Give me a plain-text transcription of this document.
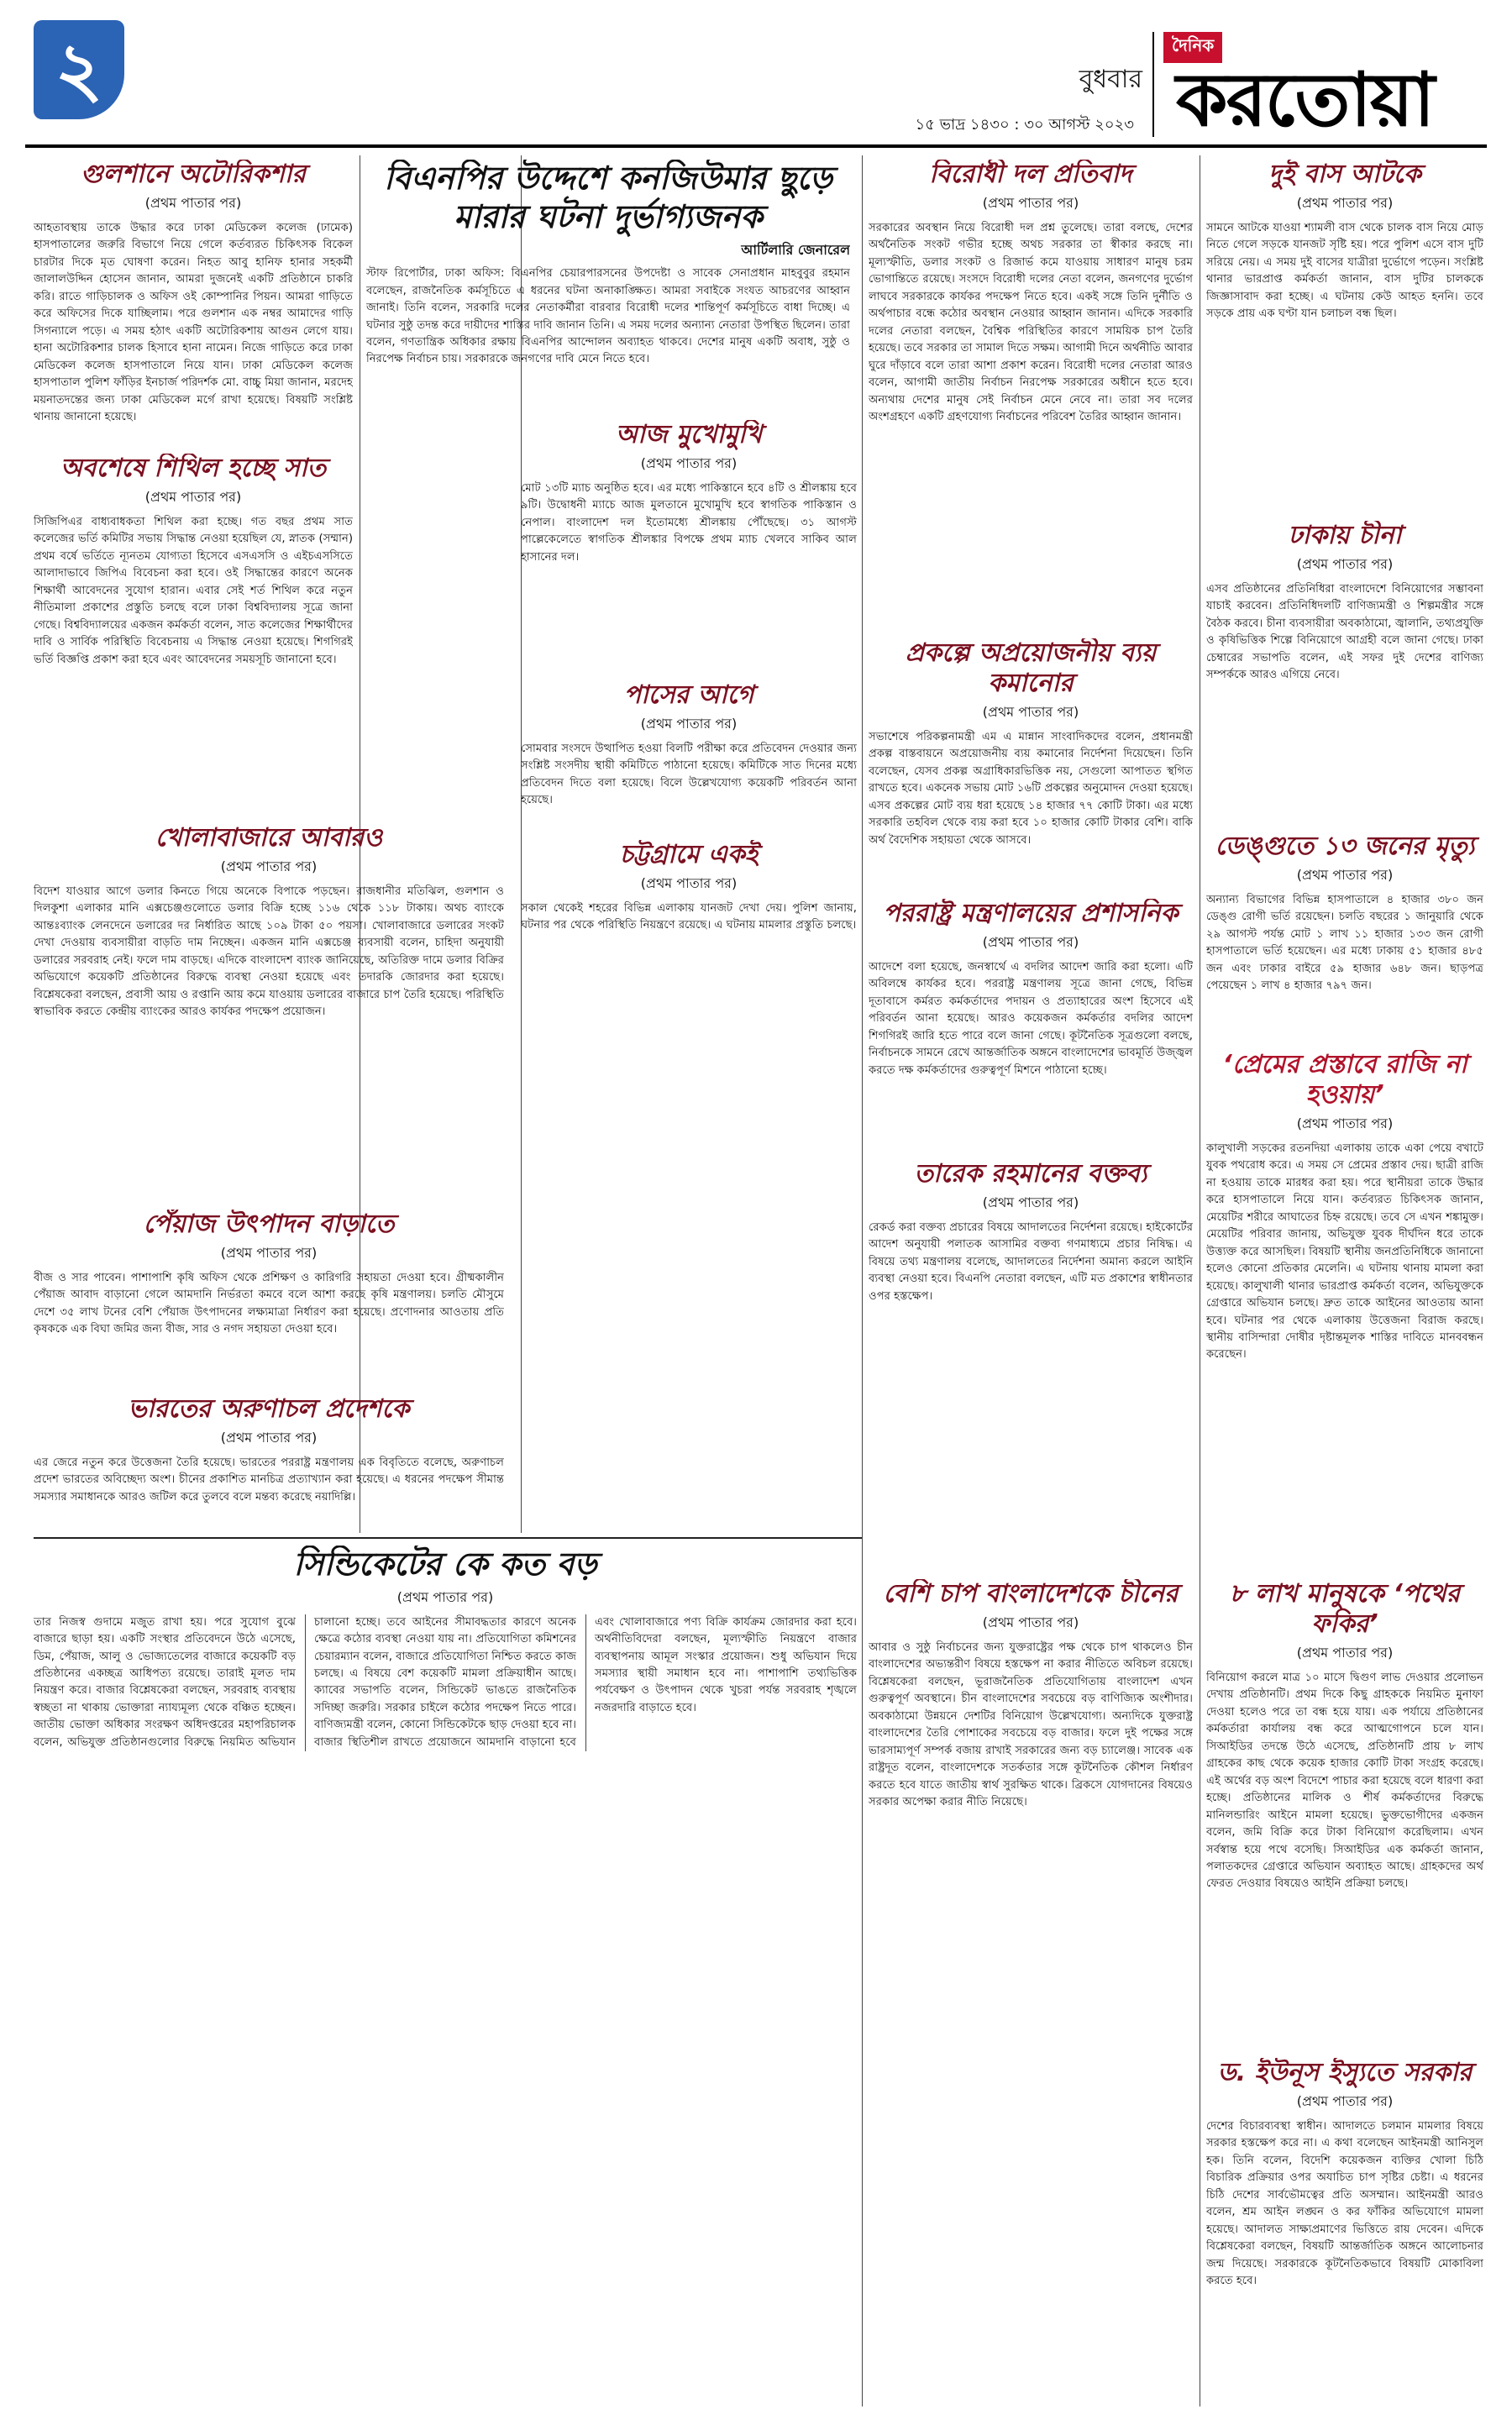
২	বুধবার
১৫ ভাদ্র ১৪৩০ : ৩০ আগস্ট ২০২৩
দৈনিক
করতোয়া
গুলশানে অটোরিকশার
(প্রথম পাতার পর)
আহতাবস্থায় তাকে উদ্ধার করে ঢাকা মেডিকেল কলেজ (ঢামেক) হাসপাতালের জরুরি বিভাগে নিয়ে গেলে কর্তব্যরত চিকিৎসক বিকেল চারটার দিকে মৃত ঘোষণা করেন। নিহত আবু হানিফ হানার সহকর্মী জালালউদ্দিন হোসেন জানান, আমরা দুজনেই একটি প্রতিষ্ঠানে চাকরি করি। রাতে গাড়িচালক ও অফিস ওই কোম্পানির পিয়ন। আমরা গাড়িতে করে অফিসের দিকে যাচ্ছিলাম। পরে গুলশান এক নম্বর আমাদের গাড়ি সিগন্যালে পড়ে। এ সময় হঠাৎ একটি অটোরিকশায় আগুন লেগে যায়। হানা অটোরিকশার চালক হিসাবে হানা নামেন। নিজে গাড়িতে করে ঢাকা মেডিকেল কলেজ হাসপাতালে নিয়ে যান। ঢাকা মেডিকেল কলেজ হাসপাতাল পুলিশ ফাঁড়ির ইনচার্জ পরিদর্শক মো. বাচ্চু মিয়া জানান, মরদেহ ময়নাতদন্তের জন্য ঢাকা মেডিকেল মর্গে রাখা হয়েছে। বিষয়টি সংশ্লিষ্ট থানায় জানানো হয়েছে।
অবশেষে শিথিল হচ্ছে সাত
(প্রথম পাতার পর)
সিজিপিএর বাধ্যবাধকতা শিথিল করা হচ্ছে। গত বছর প্রথম সাত কলেজের ভর্তি কমিটির সভায় সিদ্ধান্ত নেওয়া হয়েছিল যে, স্নাতক (সম্মান) প্রথম বর্ষে ভর্তিতে ন্যূনতম যোগ্যতা হিসেবে এসএসসি ও এইচএসসিতে আলাদাভাবে জিপিএ বিবেচনা করা হবে। ওই সিদ্ধান্তের কারণে অনেক শিক্ষার্থী আবেদনের সুযোগ হারান। এবার সেই শর্ত শিথিল করে নতুন নীতিমালা প্রকাশের প্রস্তুতি চলছে বলে ঢাকা বিশ্ববিদ্যালয় সূত্রে জানা গেছে। বিশ্ববিদ্যালয়ের একজন কর্মকর্তা বলেন, সাত কলেজের শিক্ষার্থীদের দাবি ও সার্বিক পরিস্থিতি বিবেচনায় এ সিদ্ধান্ত নেওয়া হয়েছে। শিগগিরই ভর্তি বিজ্ঞপ্তি প্রকাশ করা হবে এবং আবেদনের সময়সূচি জানানো হবে।
খোলাবাজারে আবারও
(প্রথম পাতার পর)
বিদেশ যাওয়ার আগে ডলার কিনতে গিয়ে অনেকে বিপাকে পড়ছেন। রাজধানীর মতিঝিল, গুলশান ও দিলকুশা এলাকার মানি এক্সচেঞ্জগুলোতে ডলার বিক্রি হচ্ছে ১১৬ থেকে ১১৮ টাকায়। অথচ ব্যাংকে আন্তঃব্যাংক লেনদেনে ডলারের দর নির্ধারিত আছে ১০৯ টাকা ৫০ পয়সা। খোলাবাজারে ডলারের সংকট দেখা দেওয়ায় ব্যবসায়ীরা বাড়তি দাম নিচ্ছেন। একজন মানি এক্সচেঞ্জ ব্যবসায়ী বলেন, চাহিদা অনুযায়ী ডলারের সরবরাহ নেই। ফলে দাম বাড়ছে। এদিকে বাংলাদেশ ব্যাংক জানিয়েছে, অতিরিক্ত দামে ডলার বিক্রির অভিযোগে কয়েকটি প্রতিষ্ঠানের বিরুদ্ধে ব্যবস্থা নেওয়া হয়েছে এবং তদারকি জোরদার করা হয়েছে। বিশ্লেষকেরা বলছেন, প্রবাসী আয় ও রপ্তানি আয় কমে যাওয়ায় ডলারের বাজারে চাপ তৈরি হয়েছে। পরিস্থিতি স্বাভাবিক করতে কেন্দ্রীয় ব্যাংকের আরও কার্যকর পদক্ষেপ প্রয়োজন।
পেঁয়াজ উৎপাদন বাড়াতে
(প্রথম পাতার পর)
বীজ ও সার পাবেন। পাশাপাশি কৃষি অফিস থেকে প্রশিক্ষণ ও কারিগরি সহায়তা দেওয়া হবে। গ্রীষ্মকালীন পেঁয়াজ আবাদ বাড়ানো গেলে আমদানি নির্ভরতা কমবে বলে আশা করছে কৃষি মন্ত্রণালয়। চলতি মৌসুমে দেশে ৩৫ লাখ টনের বেশি পেঁয়াজ উৎপাদনের লক্ষ্যমাত্রা নির্ধারণ করা হয়েছে। প্রণোদনার আওতায় প্রতি কৃষককে এক বিঘা জমির জন্য বীজ, সার ও নগদ সহায়তা দেওয়া হবে।
ভারতের অরুণাচল প্রদেশকে
(প্রথম পাতার পর)
এর জেরে নতুন করে উত্তেজনা তৈরি হয়েছে। ভারতের পররাষ্ট্র মন্ত্রণালয় এক বিবৃতিতে বলেছে, অরুণাচল প্রদেশ ভারতের অবিচ্ছেদ্য অংশ। চীনের প্রকাশিত মানচিত্র প্রত্যাখ্যান করা হয়েছে। এ ধরনের পদক্ষেপ সীমান্ত সমস্যার সমাধানকে আরও জটিল করে তুলবে বলে মন্তব্য করেছে নয়াদিল্লি।
বিএনপির উদ্দেশে কনজিউমার ছুড়ে মারার ঘটনা দুর্ভাগ্যজনক
আর্টিলারি জেনারেল
স্টাফ রিপোর্টার, ঢাকা অফিস: বিএনপির চেয়ারপারসনের উপদেষ্টা ও সাবেক সেনাপ্রধান মাহবুবুর রহমান বলেছেন, রাজনৈতিক কর্মসূচিতে এ ধরনের ঘটনা অনাকাঙ্ক্ষিত। আমরা সবাইকে সংযত আচরণের আহ্বান জানাই। তিনি বলেন, সরকারি দলের নেতাকর্মীরা বারবার বিরোধী দলের শান্তিপূর্ণ কর্মসূচিতে বাধা দিচ্ছে। এ ঘটনার সুষ্ঠু তদন্ত করে দায়ীদের শাস্তির দাবি জানান তিনি। এ সময় দলের অন্যান্য নেতারা উপস্থিত ছিলেন। তারা বলেন, গণতান্ত্রিক অধিকার রক্ষায় বিএনপির আন্দোলন অব্যাহত থাকবে। দেশের মানুষ একটি অবাধ, সুষ্ঠু ও নিরপেক্ষ নির্বাচন চায়। সরকারকে জনগণের দাবি মেনে নিতে হবে।
আজ মুখোমুখি
(প্রথম পাতার পর)
মোট ১৩টি ম্যাচ অনুষ্ঠিত হবে। এর মধ্যে পাকিস্তানে হবে ৪টি ও শ্রীলঙ্কায় হবে ৯টি। উদ্বোধনী ম্যাচে আজ মুলতানে মুখোমুখি হবে স্বাগতিক পাকিস্তান ও নেপাল। বাংলাদেশ দল ইতোমধ্যে শ্রীলঙ্কায় পৌঁছেছে। ৩১ আগস্ট পাল্লেকেলেতে স্বাগতিক শ্রীলঙ্কার বিপক্ষে প্রথম ম্যাচ খেলবে সাকিব আল হাসানের দল।
পাসের আগে
(প্রথম পাতার পর)
সোমবার সংসদে উত্থাপিত হওয়া বিলটি পরীক্ষা করে প্রতিবেদন দেওয়ার জন্য সংশ্লিষ্ট সংসদীয় স্থায়ী কমিটিতে পাঠানো হয়েছে। কমিটিকে সাত দিনের মধ্যে প্রতিবেদন দিতে বলা হয়েছে। বিলে উল্লেখযোগ্য কয়েকটি পরিবর্তন আনা হয়েছে।
চট্টগ্রামে একই
(প্রথম পাতার পর)
সকাল থেকেই শহরের বিভিন্ন এলাকায় যানজট দেখা দেয়। পুলিশ জানায়, ঘটনার পর থেকে পরিস্থিতি নিয়ন্ত্রণে রয়েছে। এ ঘটনায় মামলার প্রস্তুতি চলছে।
বিরোধী দল প্রতিবাদ
(প্রথম পাতার পর)
সরকারের অবস্থান নিয়ে বিরোধী দল প্রশ্ন তুলেছে। তারা বলছে, দেশের অর্থনৈতিক সংকট গভীর হচ্ছে অথচ সরকার তা স্বীকার করছে না। মূল্যস্ফীতি, ডলার সংকট ও রিজার্ভ কমে যাওয়ায় সাধারণ মানুষ চরম ভোগান্তিতে রয়েছে। সংসদে বিরোধী দলের নেতা বলেন, জনগণের দুর্ভোগ লাঘবে সরকারকে কার্যকর পদক্ষেপ নিতে হবে। একই সঙ্গে তিনি দুর্নীতি ও অর্থপাচার বন্ধে কঠোর অবস্থান নেওয়ার আহ্বান জানান। এদিকে সরকারি দলের নেতারা বলছেন, বৈশ্বিক পরিস্থিতির কারণে সাময়িক চাপ তৈরি হয়েছে। তবে সরকার তা সামাল দিতে সক্ষম। আগামী দিনে অর্থনীতি আবার ঘুরে দাঁড়াবে বলে তারা আশা প্রকাশ করেন। বিরোধী দলের নেতারা আরও বলেন, আগামী জাতীয় নির্বাচন নিরপেক্ষ সরকারের অধীনে হতে হবে। অন্যথায় দেশের মানুষ সেই নির্বাচন মেনে নেবে না। তারা সব দলের অংশগ্রহণে একটি গ্রহণযোগ্য নির্বাচনের পরিবেশ তৈরির আহ্বান জানান।
প্রকল্পে অপ্রয়োজনীয় ব্যয় কমানোর
(প্রথম পাতার পর)
সভাশেষে পরিকল্পনামন্ত্রী এম এ মান্নান সাংবাদিকদের বলেন, প্রধানমন্ত্রী প্রকল্প বাস্তবায়নে অপ্রয়োজনীয় ব্যয় কমানোর নির্দেশনা দিয়েছেন। তিনি বলেছেন, যেসব প্রকল্প অগ্রাধিকারভিত্তিক নয়, সেগুলো আপাতত স্থগিত রাখতে হবে। একনেক সভায় মোট ১৬টি প্রকল্পের অনুমোদন দেওয়া হয়েছে। এসব প্রকল্পের মোট ব্যয় ধরা হয়েছে ১৪ হাজার ৭৭ কোটি টাকা। এর মধ্যে সরকারি তহবিল থেকে ব্যয় করা হবে ১০ হাজার কোটি টাকার বেশি। বাকি অর্থ বৈদেশিক সহায়তা থেকে আসবে।
পররাষ্ট্র মন্ত্রণালয়ের প্রশাসনিক
(প্রথম পাতার পর)
আদেশে বলা হয়েছে, জনস্বার্থে এ বদলির আদেশ জারি করা হলো। এটি অবিলম্বে কার্যকর হবে। পররাষ্ট্র মন্ত্রণালয় সূত্রে জানা গেছে, বিভিন্ন দূতাবাসে কর্মরত কর্মকর্তাদের পদায়ন ও প্রত্যাহারের অংশ হিসেবে এই পরিবর্তন আনা হয়েছে। আরও কয়েকজন কর্মকর্তার বদলির আদেশ শিগগিরই জারি হতে পারে বলে জানা গেছে। কূটনৈতিক সূত্রগুলো বলছে, নির্বাচনকে সামনে রেখে আন্তর্জাতিক অঙ্গনে বাংলাদেশের ভাবমূর্তি উজ্জ্বল করতে দক্ষ কর্মকর্তাদের গুরুত্বপূর্ণ মিশনে পাঠানো হচ্ছে।
তারেক রহমানের বক্তব্য
(প্রথম পাতার পর)
রেকর্ড করা বক্তব্য প্রচারের বিষয়ে আদালতের নির্দেশনা রয়েছে। হাইকোর্টের আদেশ অনুযায়ী পলাতক আসামির বক্তব্য গণমাধ্যমে প্রচার নিষিদ্ধ। এ বিষয়ে তথ্য মন্ত্রণালয় বলেছে, আদালতের নির্দেশনা অমান্য করলে আইনি ব্যবস্থা নেওয়া হবে। বিএনপি নেতারা বলছেন, এটি মত প্রকাশের স্বাধীনতার ওপর হস্তক্ষেপ।
বেশি চাপ বাংলাদেশকে চীনের
(প্রথম পাতার পর)
আবার ও সুষ্ঠু নির্বাচনের জন্য যুক্তরাষ্ট্রের পক্ষ থেকে চাপ থাকলেও চীন বাংলাদেশের অভ্যন্তরীণ বিষয়ে হস্তক্ষেপ না করার নীতিতে অবিচল রয়েছে। বিশ্লেষকেরা বলছেন, ভূরাজনৈতিক প্রতিযোগিতায় বাংলাদেশ এখন গুরুত্বপূর্ণ অবস্থানে। চীন বাংলাদেশের সবচেয়ে বড় বাণিজ্যিক অংশীদার। অবকাঠামো উন্নয়নে দেশটির বিনিয়োগ উল্লেখযোগ্য। অন্যদিকে যুক্তরাষ্ট্র বাংলাদেশের তৈরি পোশাকের সবচেয়ে বড় বাজার। ফলে দুই পক্ষের সঙ্গে ভারসাম্যপূর্ণ সম্পর্ক বজায় রাখাই সরকারের জন্য বড় চ্যালেঞ্জ। সাবেক এক রাষ্ট্রদূত বলেন, বাংলাদেশকে সতর্কতার সঙ্গে কূটনৈতিক কৌশল নির্ধারণ করতে হবে যাতে জাতীয় স্বার্থ সুরক্ষিত থাকে। ব্রিকসে যোগদানের বিষয়েও সরকার অপেক্ষা করার নীতি নিয়েছে।
দুই বাস আটকে
(প্রথম পাতার পর)
সামনে আটকে যাওয়া শ্যামলী বাস থেকে চালক বাস নিয়ে মোড় নিতে গেলে সড়কে যানজট সৃষ্টি হয়। পরে পুলিশ এসে বাস দুটি সরিয়ে নেয়। এ সময় দুই বাসের যাত্রীরা দুর্ভোগে পড়েন। সংশ্লিষ্ট থানার ভারপ্রাপ্ত কর্মকর্তা জানান, বাস দুটির চালককে জিজ্ঞাসাবাদ করা হচ্ছে। এ ঘটনায় কেউ আহত হননি। তবে সড়কে প্রায় এক ঘণ্টা যান চলাচল বন্ধ ছিল।
ঢাকায় চীনা
(প্রথম পাতার পর)
এসব প্রতিষ্ঠানের প্রতিনিধিরা বাংলাদেশে বিনিয়োগের সম্ভাবনা যাচাই করবেন। প্রতিনিধিদলটি বাণিজ্যমন্ত্রী ও শিল্পমন্ত্রীর সঙ্গে বৈঠক করবে। চীনা ব্যবসায়ীরা অবকাঠামো, জ্বালানি, তথ্যপ্রযুক্তি ও কৃষিভিত্তিক শিল্পে বিনিয়োগে আগ্রহী বলে জানা গেছে। ঢাকা চেম্বারের সভাপতি বলেন, এই সফর দুই দেশের বাণিজ্য সম্পর্ককে আরও এগিয়ে নেবে।
ডেঙ্গুতে ১৩ জনের মৃত্যু
(প্রথম পাতার পর)
অন্যান্য বিভাগের বিভিন্ন হাসপাতালে ৪ হাজার ৩৮০ জন ডেঙ্গু রোগী ভর্তি রয়েছেন। চলতি বছরের ১ জানুয়ারি থেকে ২৯ আগস্ট পর্যন্ত মোট ১ লাখ ১১ হাজার ১৩৩ জন রোগী হাসপাতালে ভর্তি হয়েছেন। এর মধ্যে ঢাকায় ৫১ হাজার ৪৮৫ জন এবং ঢাকার বাইরে ৫৯ হাজার ৬৪৮ জন। ছাড়পত্র পেয়েছেন ১ লাখ ৪ হাজার ৭৯৭ জন।
‘প্রেমের প্রস্তাবে রাজি না হওয়ায়’
(প্রথম পাতার পর)
কালুখালী সড়কের রতনদিয়া এলাকায় তাকে একা পেয়ে বখাটে যুবক পথরোধ করে। এ সময় সে প্রেমের প্রস্তাব দেয়। ছাত্রী রাজি না হওয়ায় তাকে মারধর করা হয়। পরে স্থানীয়রা তাকে উদ্ধার করে হাসপাতালে নিয়ে যান। কর্তব্যরত চিকিৎসক জানান, মেয়েটির শরীরে আঘাতের চিহ্ন রয়েছে। তবে সে এখন শঙ্কামুক্ত। মেয়েটির পরিবার জানায়, অভিযুক্ত যুবক দীর্ঘদিন ধরে তাকে উত্ত্যক্ত করে আসছিল। বিষয়টি স্থানীয় জনপ্রতিনিধিকে জানানো হলেও কোনো প্রতিকার মেলেনি। এ ঘটনায় থানায় মামলা করা হয়েছে। কালুখালী থানার ভারপ্রাপ্ত কর্মকর্তা বলেন, অভিযুক্তকে গ্রেপ্তারে অভিযান চলছে। দ্রুত তাকে আইনের আওতায় আনা হবে। ঘটনার পর থেকে এলাকায় উত্তেজনা বিরাজ করছে। স্থানীয় বাসিন্দারা দোষীর দৃষ্টান্তমূলক শাস্তির দাবিতে মানববন্ধন করেছেন।
৮ লাখ মানুষকে ‘পথের ফকির’
(প্রথম পাতার পর)
বিনিয়োগ করলে মাত্র ১০ মাসে দ্বিগুণ লাভ দেওয়ার প্রলোভন দেখায় প্রতিষ্ঠানটি। প্রথম দিকে কিছু গ্রাহককে নিয়মিত মুনাফা দেওয়া হলেও পরে তা বন্ধ হয়ে যায়। এক পর্যায়ে প্রতিষ্ঠানের কর্মকর্তারা কার্যালয় বন্ধ করে আত্মগোপনে চলে যান। সিআইডির তদন্তে উঠে এসেছে, প্রতিষ্ঠানটি প্রায় ৮ লাখ গ্রাহকের কাছ থেকে কয়েক হাজার কোটি টাকা সংগ্রহ করেছে। এই অর্থের বড় অংশ বিদেশে পাচার করা হয়েছে বলে ধারণা করা হচ্ছে। প্রতিষ্ঠানের মালিক ও শীর্ষ কর্মকর্তাদের বিরুদ্ধে মানিলন্ডারিং আইনে মামলা হয়েছে। ভুক্তভোগীদের একজন বলেন, জমি বিক্রি করে টাকা বিনিয়োগ করেছিলাম। এখন সর্বস্বান্ত হয়ে পথে বসেছি। সিআইডির এক কর্মকর্তা জানান, পলাতকদের গ্রেপ্তারে অভিযান অব্যাহত আছে। গ্রাহকদের অর্থ ফেরত দেওয়ার বিষয়েও আইনি প্রক্রিয়া চলছে।
ড. ইউনূস ইস্যুতে সরকার
(প্রথম পাতার পর)
দেশের বিচারব্যবস্থা স্বাধীন। আদালতে চলমান মামলার বিষয়ে সরকার হস্তক্ষেপ করে না। এ কথা বলেছেন আইনমন্ত্রী আনিসুল হক। তিনি বলেন, বিদেশি কয়েকজন ব্যক্তির খোলা চিঠি বিচারিক প্রক্রিয়ার ওপর অযাচিত চাপ সৃষ্টির চেষ্টা। এ ধরনের চিঠি দেশের সার্বভৌমত্বের প্রতি অসম্মান। আইনমন্ত্রী আরও বলেন, শ্রম আইন লঙ্ঘন ও কর ফাঁকির অভিযোগে মামলা হয়েছে। আদালত সাক্ষ্যপ্রমাণের ভিত্তিতে রায় দেবেন। এদিকে বিশ্লেষকেরা বলছেন, বিষয়টি আন্তর্জাতিক অঙ্গনে আলোচনার জন্ম দিয়েছে। সরকারকে কূটনৈতিকভাবে বিষয়টি মোকাবিলা করতে হবে।
সিন্ডিকেটের কে কত বড়
(প্রথম পাতার পর)
তার নিজস্ব গুদামে মজুত রাখা হয়। পরে সুযোগ বুঝে বাজারে ছাড়া হয়। একটি সংস্থার প্রতিবেদনে উঠে এসেছে, ডিম, পেঁয়াজ, আলু ও ভোজ্যতেলের বাজারে কয়েকটি বড় প্রতিষ্ঠানের একচ্ছত্র আধিপত্য রয়েছে। তারাই মূলত দাম নিয়ন্ত্রণ করে। বাজার বিশ্লেষকেরা বলছেন, সরবরাহ ব্যবস্থায় স্বচ্ছতা না থাকায় ভোক্তারা ন্যায্যমূল্য থেকে বঞ্চিত হচ্ছেন। জাতীয় ভোক্তা অধিকার সংরক্ষণ অধিদপ্তরের মহাপরিচালক বলেন, অভিযুক্ত প্রতিষ্ঠানগুলোর বিরুদ্ধে নিয়মিত অভিযান চালানো হচ্ছে। তবে আইনের সীমাবদ্ধতার কারণে অনেক ক্ষেত্রে কঠোর ব্যবস্থা নেওয়া যায় না। প্রতিযোগিতা কমিশনের চেয়ারম্যান বলেন, বাজারে প্রতিযোগিতা নিশ্চিত করতে কাজ চলছে। এ বিষয়ে বেশ কয়েকটি মামলা প্রক্রিয়াধীন আছে। ক্যাবের সভাপতি বলেন, সিন্ডিকেট ভাঙতে রাজনৈতিক সদিচ্ছা জরুরি। সরকার চাইলে কঠোর পদক্ষেপ নিতে পারে। বাণিজ্যমন্ত্রী বলেন, কোনো সিন্ডিকেটকে ছাড় দেওয়া হবে না। বাজার স্থিতিশীল রাখতে প্রয়োজনে আমদানি বাড়ানো হবে এবং খোলাবাজারে পণ্য বিক্রি কার্যক্রম জোরদার করা হবে। অর্থনীতিবিদেরা বলছেন, মূল্যস্ফীতি নিয়ন্ত্রণে বাজার ব্যবস্থাপনায় আমূল সংস্কার প্রয়োজন। শুধু অভিযান দিয়ে সমস্যার স্থায়ী সমাধান হবে না। পাশাপাশি তথ্যভিত্তিক পর্যবেক্ষণ ও উৎপাদন থেকে খুচরা পর্যন্ত সরবরাহ শৃঙ্খলে নজরদারি বাড়াতে হবে।
